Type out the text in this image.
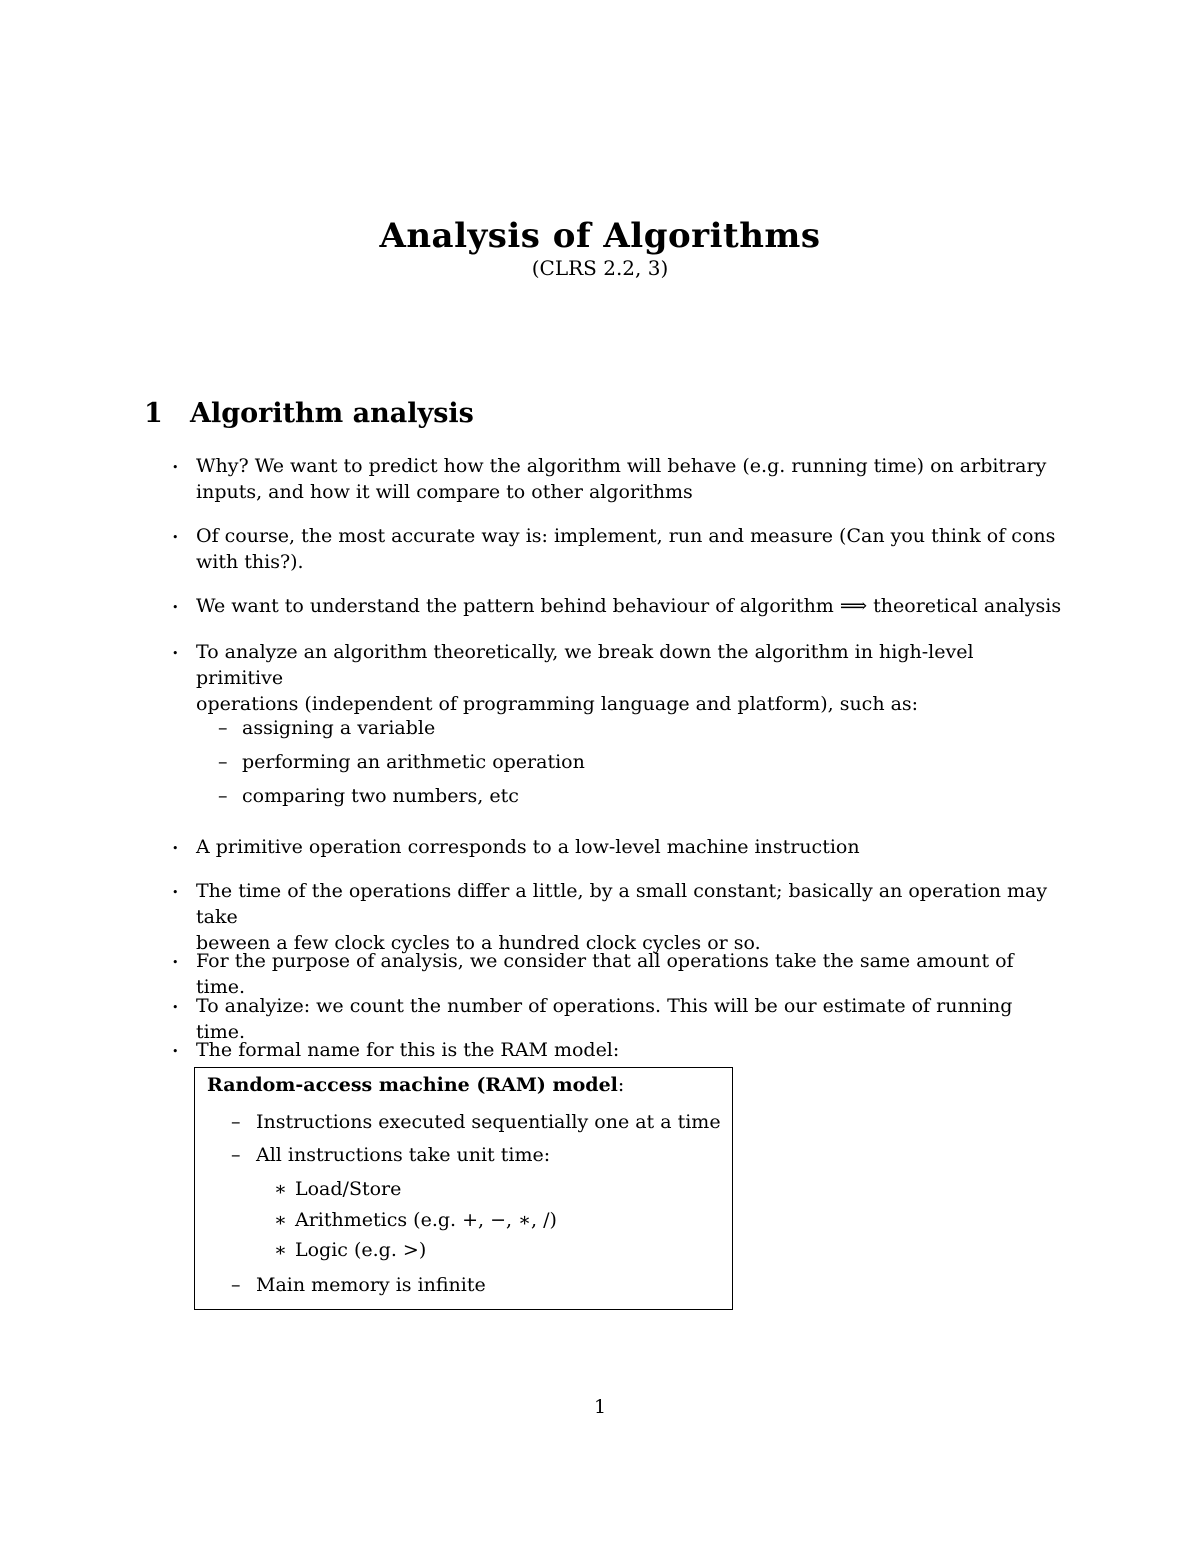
Analysis of Algorithms
(CLRS 2.2, 3)
1 Algorithm analysis
• Why? We want to predict how the algorithm will behave (e.g. running time) on arbitrary
inputs, and how it will compare to other algorithms
• Of course, the most accurate way is: implement, run and measure (Can you think of cons
with this?).
• We want to understand the pattern behind behaviour of algorithm ⟹ theoretical analysis
• To analyze an algorithm theoretically, we break down the algorithm in high-level primitive
operations (independent of programming language and platform), such as:
– assigning a variable
– performing an arithmetic operation
– comparing two numbers, etc
• A primitive operation corresponds to a low-level machine instruction
• The time of the operations differ a little, by a small constant; basically an operation may take
beween a few clock cycles to a hundred clock cycles or so.
• For the purpose of analysis, we consider that all operations take the same amount of time.
• To analyize: we count the number of operations. This will be our estimate of running time.
• The formal name for this is the RAM model:
Random-access machine (RAM) model:
– Instructions executed sequentially one at a time
– All instructions take unit time:
∗ Load/Store
∗ Arithmetics (e.g. +, −, ∗, /)
∗ Logic (e.g. >)
– Main memory is infinite
1
